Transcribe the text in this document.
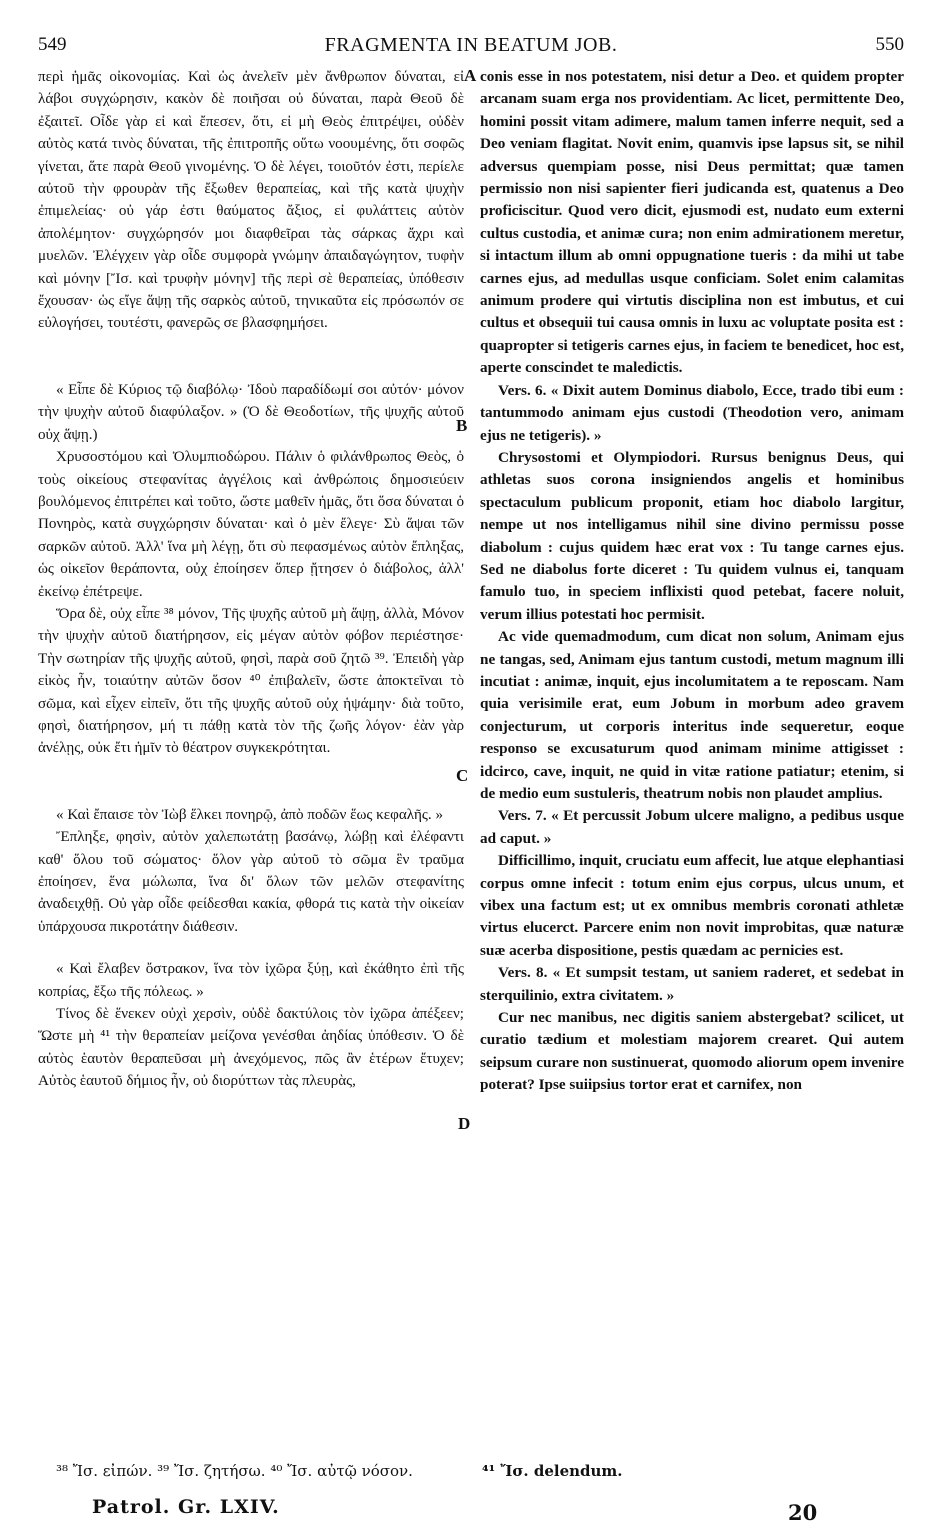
549	FRAGMENTA IN BEATUM JOB.	550

περὶ ἡμᾶς οἰκονομίας. Καὶ ὡς ἀνελεῖν μὲν ἄνθρωπον δύναται, εἰ λάβοι συγχώρησιν, κακὸν δὲ ποιῆσαι οὐ δύναται, παρὰ Θεοῦ δὲ ἐξαιτεῖ. Οἶδε γὰρ εἰ καὶ ἔπεσεν, ὅτι, εἰ μὴ Θεὸς ἐπιτρέψει, οὐδὲν αὐτὸς κατά τινὸς δύναται, τῆς ἐπιτροπῆς οὕτω νοουμένης, ὅτι σοφῶς γίνεται, ἅτε παρὰ Θεοῦ γινομένης. Ὁ δὲ λέγει, τοιοῦτόν ἐστι, περίελε αὐτοῦ τὴν φρουρὰν τῆς ἔξωθεν θεραπείας, καὶ τῆς κατὰ ψυχὴν ἐπιμελείας· οὐ γάρ ἐστι θαύματος ἄξιος, εἰ φυλάττεις αὐτὸν ἀπολέμητον· συγχώρησόν μοι διαφθεῖραι τὰς σάρκας ἄχρι καὶ μυελῶν. Ἐλέγχειν γὰρ οἶδε συμφορὰ γνώμην ἀπαιδαγώγητον, τυφὴν καὶ μόνην [Ἴσ. καὶ τρυφὴν μόνην] τῆς περὶ σὲ θεραπείας, ὑπόθεσιν ἔχουσαν· ὡς εἴγε ἅψῃ τῆς σαρκὸς αὐτοῦ, τηνικαῦτα εἰς πρόσωπόν σε εὐλογήσει, τουτέστι, φανερῶς σε βλασφημήσει.

« Εἶπε δὲ Κύριος τῷ διαβόλῳ· Ἰδοὺ παραδίδωμί σοι αὐτόν· μόνον τὴν ψυχὴν αὐτοῦ διαφύλαξον. » (Ὁ δὲ Θεοδοτίων, τῆς ψυχῆς αὐτοῦ οὐχ ἅψῃ.)

Χρυσοστόμου καὶ Ὀλυμπιοδώρου. Πάλιν ὁ φιλάνθρωπος Θεὸς, ὁ τοὺς οἰκείους στεφανίτας ἀγγέλοις καὶ ἀνθρώποις δημοσιεύειν βουλόμενος ἐπιτρέπει καὶ τοῦτο, ὥστε μαθεῖν ἡμᾶς, ὅτι ὅσα δύναται ὁ Πονηρὸς, κατὰ συγχώρησιν δύναται· καὶ ὁ μὲν ἔλεγε· Σὺ ἅψαι τῶν σαρκῶν αὐτοῦ. Ἀλλ' ἵνα μὴ λέγῃ, ὅτι σὺ πεφασμένως αὐτὸν ἔπληξας, ὡς οἰκεῖον θεράποντα, οὐχ ἐποίησεν ὅπερ ᾔτησεν ὁ διάβολος, ἀλλ' ἐκείνῳ ἐπέτρεψε.

Ὅρα δὲ, οὐχ εἶπε ³⁸ μόνον, Τῆς ψυχῆς αὐτοῦ μὴ ἅψῃ, ἀλλὰ, Μόνον τὴν ψυχὴν αὐτοῦ διατήρησον, εἰς μέγαν αὐτὸν φόβον περιέστησε· Τὴν σωτηρίαν τῆς ψυχῆς αὐτοῦ, φησὶ, παρὰ σοῦ ζητῶ ³⁹. Ἐπειδὴ γὰρ εἰκὸς ἦν, τοιαύτην αὐτῶν ὅσον ⁴⁰ ἐπιβαλεῖν, ὥστε ἀποκτεῖναι τὸ σῶμα, καὶ εἶχεν εἰπεῖν, ὅτι τῆς ψυχῆς αὐτοῦ οὐχ ἡψάμην· διὰ τοῦτο, φησὶ, διατήρησον, μή τι πάθῃ κατὰ τὸν τῆς ζωῆς λόγον· ἐὰν γὰρ ἀνέλῃς, οὐκ ἔτι ἡμῖν τὸ θέατρον συγκεκρότηται.

« Καὶ ἔπαισε τὸν Ἰὼβ ἕλκει πονηρῷ, ἀπὸ ποδῶν ἕως κεφαλῆς. »

Ἔπληξε, φησὶν, αὐτὸν χαλεπωτάτῃ βασάνῳ, λώβῃ καὶ ἐλέφαντι καθ' ὅλου τοῦ σώματος· ὅλον γὰρ αὐτοῦ τὸ σῶμα ἓν τραῦμα ἐποίησεν, ἕνα μώλωπα, ἵνα δι' ὅλων τῶν μελῶν στεφανίτης ἀναδειχθῇ. Οὐ γὰρ οἶδε φείδεσθαι κακία, φθορά τις κατὰ τὴν οἰκείαν ὑπάρχουσα πικροτάτην διάθεσιν.

« Καὶ ἔλαβεν ὄστρακον, ἵνα τὸν ἰχῶρα ξύῃ, καὶ ἐκάθητο ἐπὶ τῆς κοπρίας, ἔξω τῆς πόλεως. »

Τίνος δὲ ἕνεκεν οὐχὶ χερσὶν, οὐδὲ δακτύλοις τὸν ἰχῶρα ἀπέξεεν; Ὥστε μὴ ⁴¹ τὴν θεραπείαν μείζονα γενέσθαι ἀηδίας ὑπόθεσιν. Ὁ δὲ αὐτὸς ἑαυτὸν θεραπεῦσαι μὴ ἀνεχόμενος, πῶς ἂν ἑτέρων ἔτυχεν; Αὐτὸς ἑαυτοῦ δήμιος ἦν, οὐ διορύττων τὰς πλευρὰς,

conis esse in nos potestatem, nisi detur a Deo. et quidem propter arcanam suam erga nos providentiam. Ac licet, permittente Deo, homini possit vitam adimere, malum tamen inferre nequit, sed a Deo veniam flagitat. Novit enim, quamvis ipse lapsus sit, se nihil adversus quempiam posse, nisi Deus permittat; quæ tamen permissio non nisi sapienter fieri judicanda est, quatenus a Deo proficiscitur. Quod vero dicit, ejusmodi est, nudato eum externi cultus custodia, et animæ cura; non enim admirationem meretur, si intactum illum ab omni oppugnatione tueris : da mihi ut tabe carnes ejus, ad medullas usque conficiam. Solet enim calamitas animum prodere qui virtutis disciplina non est imbutus, et cui cultus et obsequii tui causa omnis in luxu ac voluptate posita est : quapropter si tetigeris carnes ejus, in faciem te benedicet, hoc est, aperte conscindet te maledictis.

Vers. 6. « Dixit autem Dominus diabolo, Ecce, trado tibi eum : tantummodo animam ejus custodi (Theodotion vero, animam ejus ne tetigeris). »

Chrysostomi et Olympiodori. Rursus benignus Deus, qui athletas suos corona insigniendos angelis et hominibus spectaculum publicum proponit, etiam hoc diabolo largitur, nempe ut nos intelligamus nihil sine divino permissu posse diabolum : cujus quidem hæc erat vox : Tu tange carnes ejus. Sed ne diabolus forte diceret : Tu quidem vulnus ei, tanquam famulo tuo, in speciem inflixisti quod petebat, facere noluit, verum illius potestati hoc permisit.

Ac vide quemadmodum, cum dicat non solum, Animam ejus ne tangas, sed, Animam ejus tantum custodi, metum magnum illi incutiat : animæ, inquit, ejus incolumitatem a te reposcam. Nam quia verisimile erat, eum Jobum in morbum adeo gravem conjecturum, ut corporis interitus inde sequeretur, eoque responso se excusaturum quod animam minime attigisset : idcirco, cave, inquit, ne quid in vitæ ratione patiatur; etenim, si de medio eum sustuleris, theatrum nobis non plaudet amplius.

Vers. 7. « Et percussit Jobum ulcere maligno, a pedibus usque ad caput. »

Difficillimo, inquit, cruciatu eum affecit, lue atque elephantiasi corpus omne infecit : totum enim ejus corpus, ulcus unum, et vibex una factum est; ut ex omnibus membris coronati athletæ virtus elucerct. Parcere enim non novit improbitas, quæ naturæ suæ acerba dispositione, pestis quædam ac perniciеs est.

Vers. 8. « Et sumpsit testam, ut saniem raderet, et sedebat in sterquilinio, extra civitatem. »

Cur nec manibus, nec digitis saniem abstergebat? scilicet, ut curatio tædium et molestiam majorem crearet. Qui autem seipsum curare non sustinuerat, quomodo aliorum opem invenire poterat? Ipse suiipsius tortor erat et carnifex, non

A
B
C
D
³⁸ Ἴσ. εἰπών. ³⁹ Ἴσ. ζητήσω. ⁴⁰ Ἴσ. αὐτῷ νόσον.	⁴¹ Ἴσ. delendum.
Patrol. Gr. LXIV.	20
